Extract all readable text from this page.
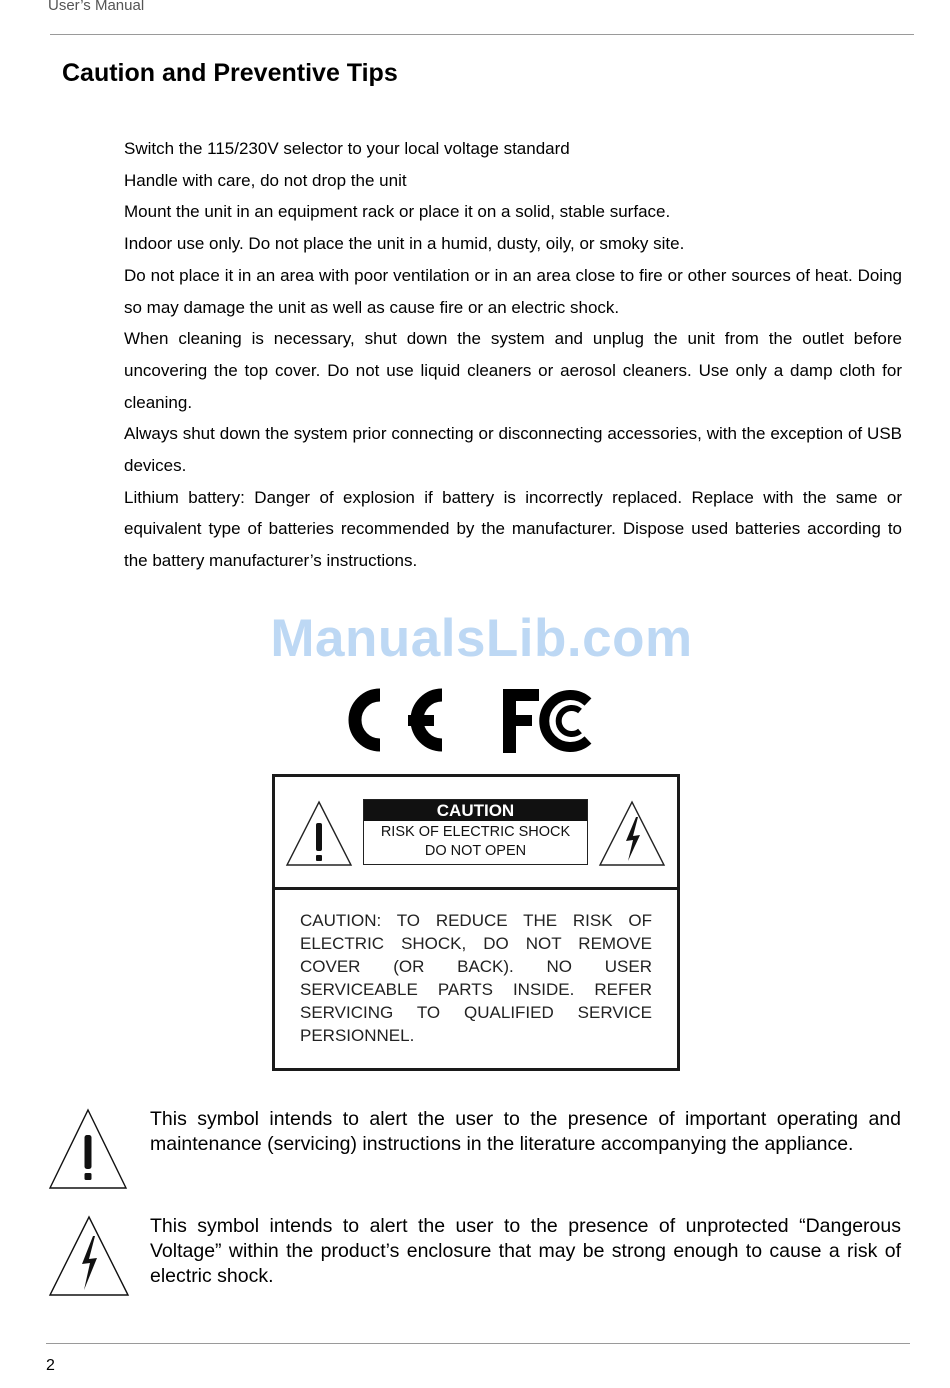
User’s Manual
Caution and Preventive Tips
Switch the 115/230V selector to your local voltage standard
Handle with care, do not drop the unit
Mount the unit in an equipment rack or place it on a solid, stable surface.
Indoor use only. Do not place the unit in a humid, dusty, oily, or smoky site.
Do not place it in an area with poor ventilation or in an area close to fire or other sources of heat. Doing so may damage the unit as well as cause fire or an electric shock.
When cleaning is necessary, shut down the system and unplug the unit from the outlet before uncovering the top cover. Do not use liquid cleaners or aerosol cleaners. Use only a damp cloth for cleaning.
Always shut down the system prior connecting or disconnecting accessories, with the exception of USB devices.
Lithium battery: Danger of explosion if battery is incorrectly replaced. Replace with the same or equivalent type of batteries recommended by the manufacturer. Dispose used batteries according to the battery manufacturer’s instructions.
ManualsLib.com
CAUTION
RISK OF ELECTRIC SHOCK
DO NOT OPEN
CAUTION: TO REDUCE THE RISK OF
ELECTRIC SHOCK, DO NOT REMOVE
COVER (OR BACK). NO USER
SERVICEABLE PARTS INSIDE. REFER
SERVICING TO QUALIFIED SERVICE
PERSIONNEL.

This symbol intends to alert the user to the presence of important operating and maintenance (servicing) instructions in the literature accompanying the appliance.

This symbol intends to alert the user to the presence of unprotected “Dangerous Voltage” within the product’s enclosure that may be strong enough to cause a risk of electric shock.

2
